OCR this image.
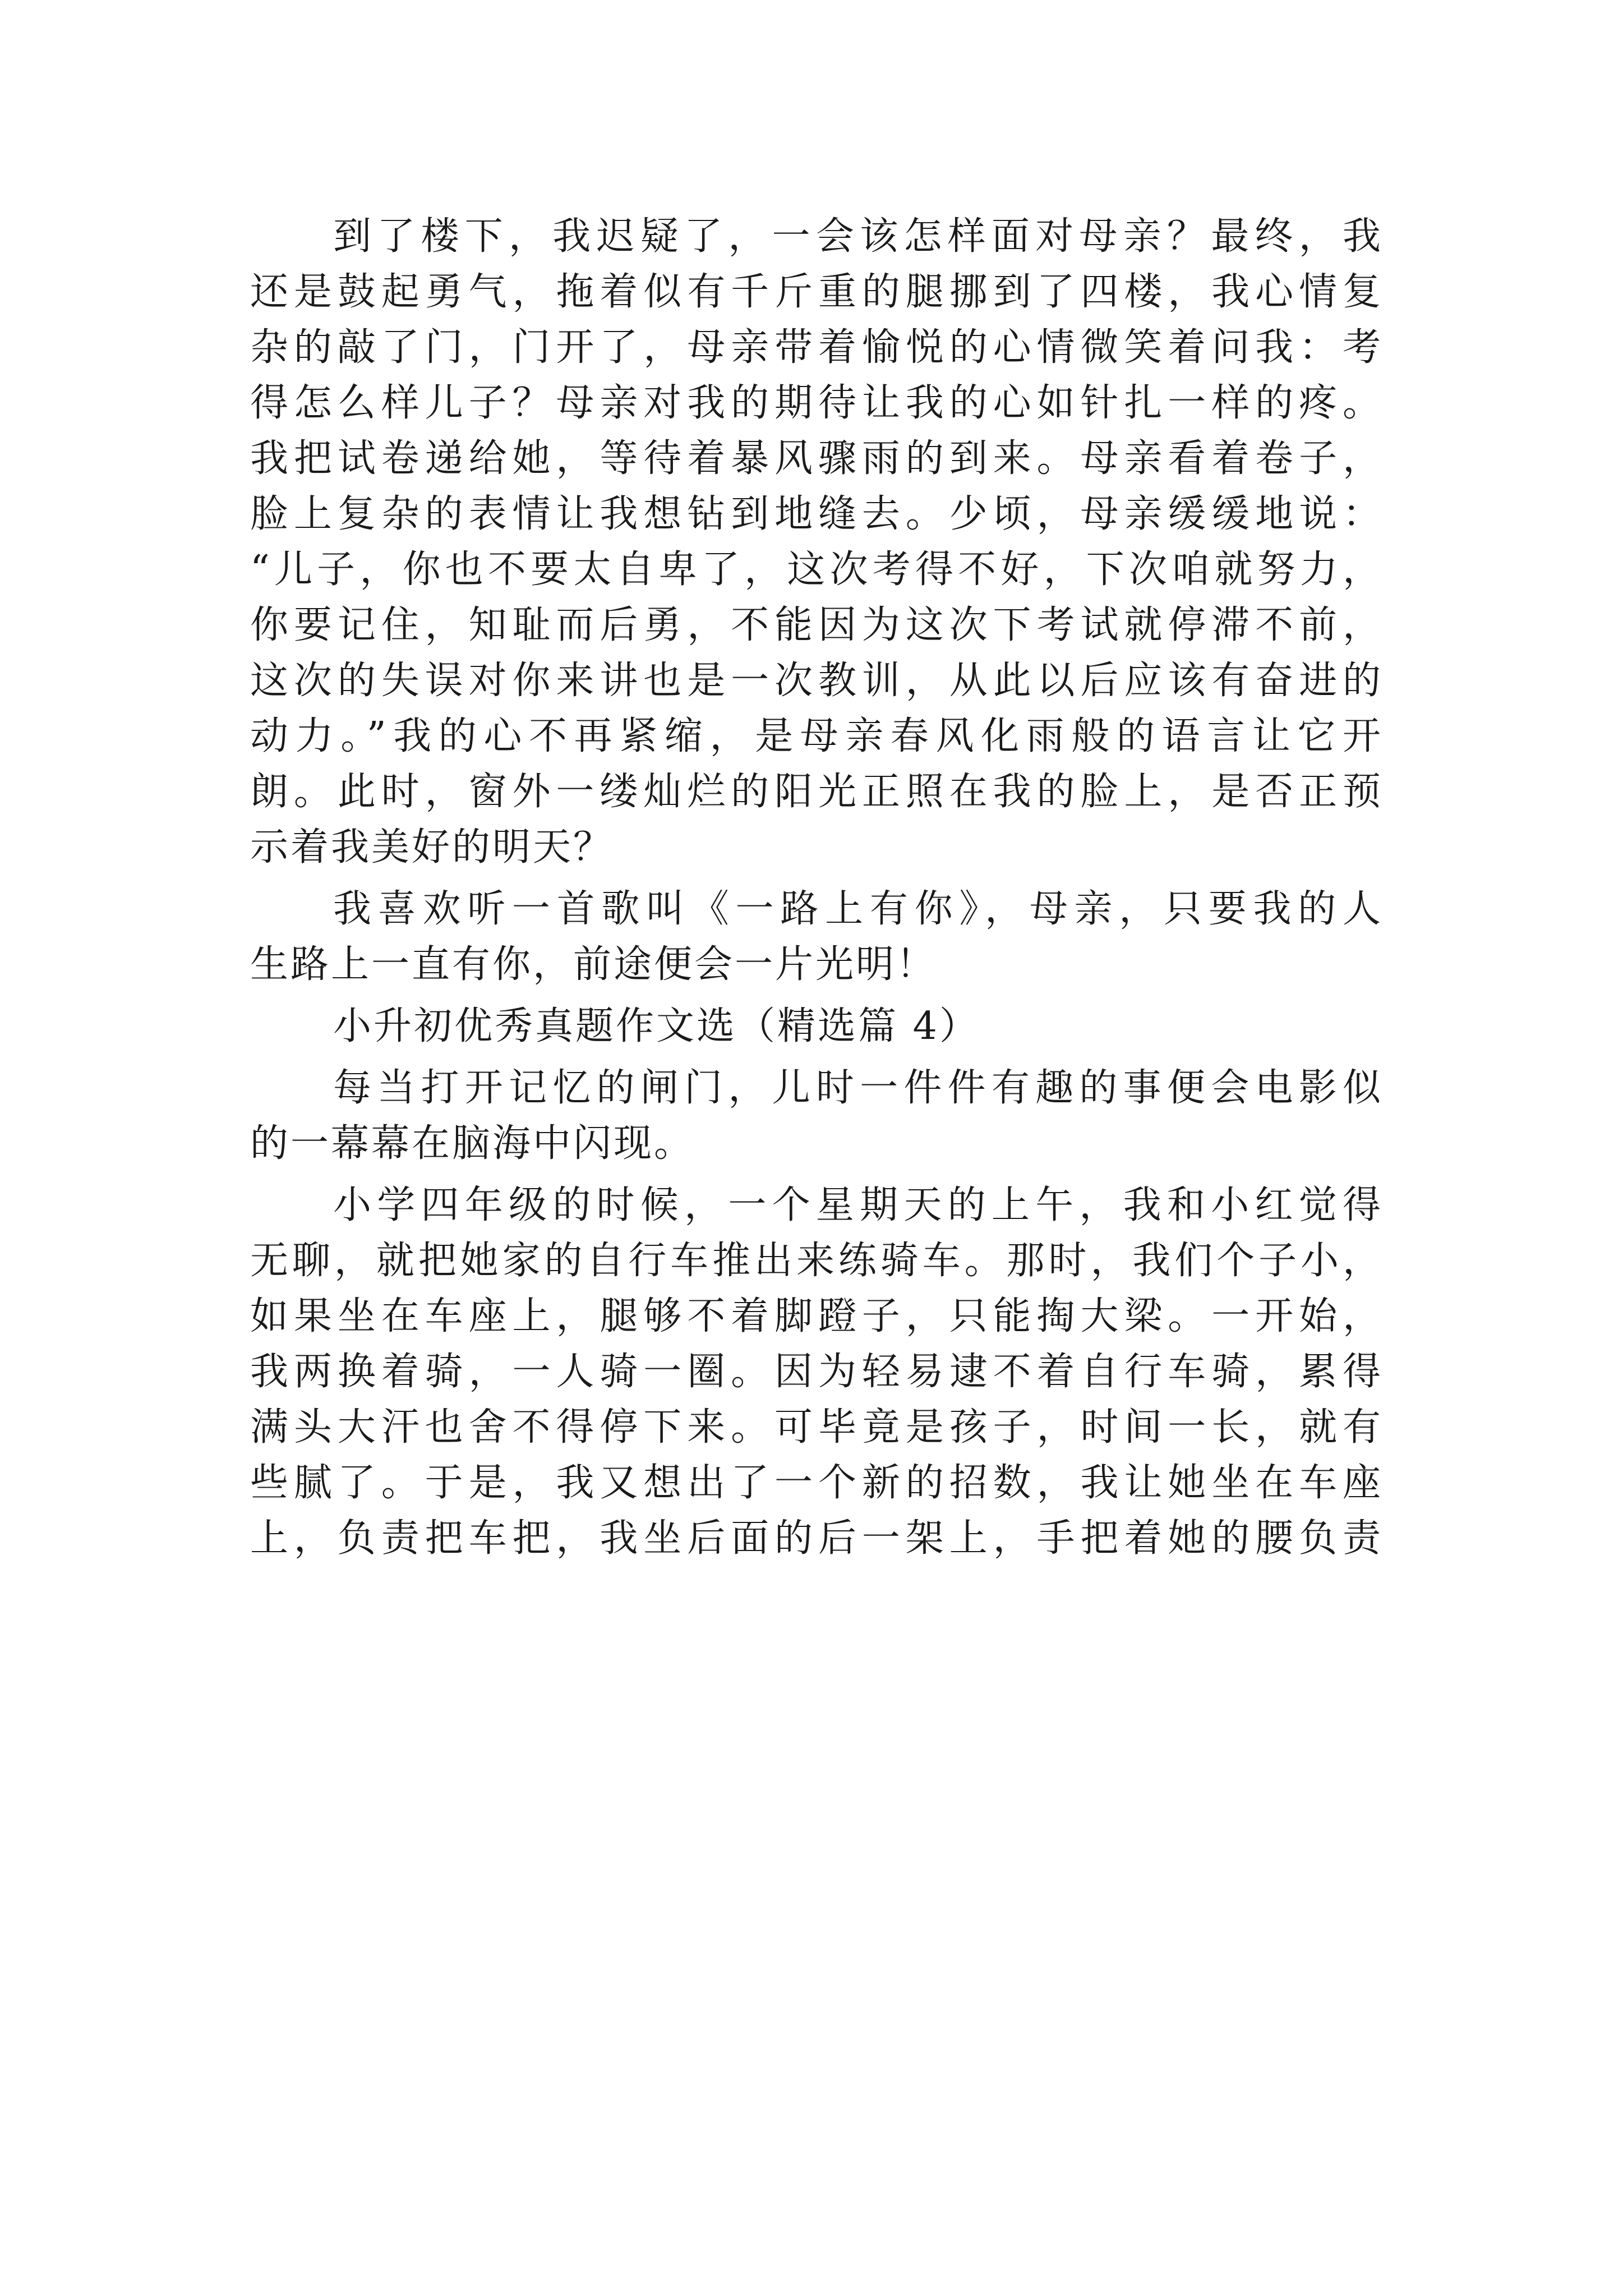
到了楼下，我迟疑了，一会该怎样面对母亲？最终，我
还是鼓起勇气，拖着似有千斤重的腿挪到了四楼，我心情复
杂的敲了门，门开了，母亲带着愉悦的心情微笑着问我：考
得怎么样儿子？母亲对我的期待让我的心如针扎一样的疼。
我把试卷递给她，等待着暴风骤雨的到来。母亲看着卷子，
脸上复杂的表情让我想钻到地缝去。少顷，母亲缓缓地说：
“儿子，你也不要太自卑了，这次考得不好，下次咱就努力，
你要记住，知耻而后勇，不能因为这次下考试就停滞不前，
这次的失误对你来讲也是一次教训，从此以后应该有奋进的
动力。”我的心不再紧缩，是母亲春风化雨般的语言让它开
朗。此时，窗外一缕灿烂的阳光正照在我的脸上，是否正预
示着我美好的明天？
我喜欢听一首歌叫《一路上有你》，母亲，只要我的人
生路上一直有你，前途便会一片光明！
小升初优秀真题作文选（精选篇 4）
每当打开记忆的闸门，儿时一件件有趣的事便会电影似
的一幕幕在脑海中闪现。
小学四年级的时候，一个星期天的上午，我和小红觉得
无聊，就把她家的自行车推出来练骑车。那时，我们个子小，
如果坐在车座上，腿够不着脚蹬子，只能掏大梁。一开始，
我两换着骑，一人骑一圈。因为轻易逮不着自行车骑，累得
满头大汗也舍不得停下来。可毕竟是孩子，时间一长，就有
些腻了。于是，我又想出了一个新的招数，我让她坐在车座
上，负责把车把，我坐后面的后一架上，手把着她的腰负责
